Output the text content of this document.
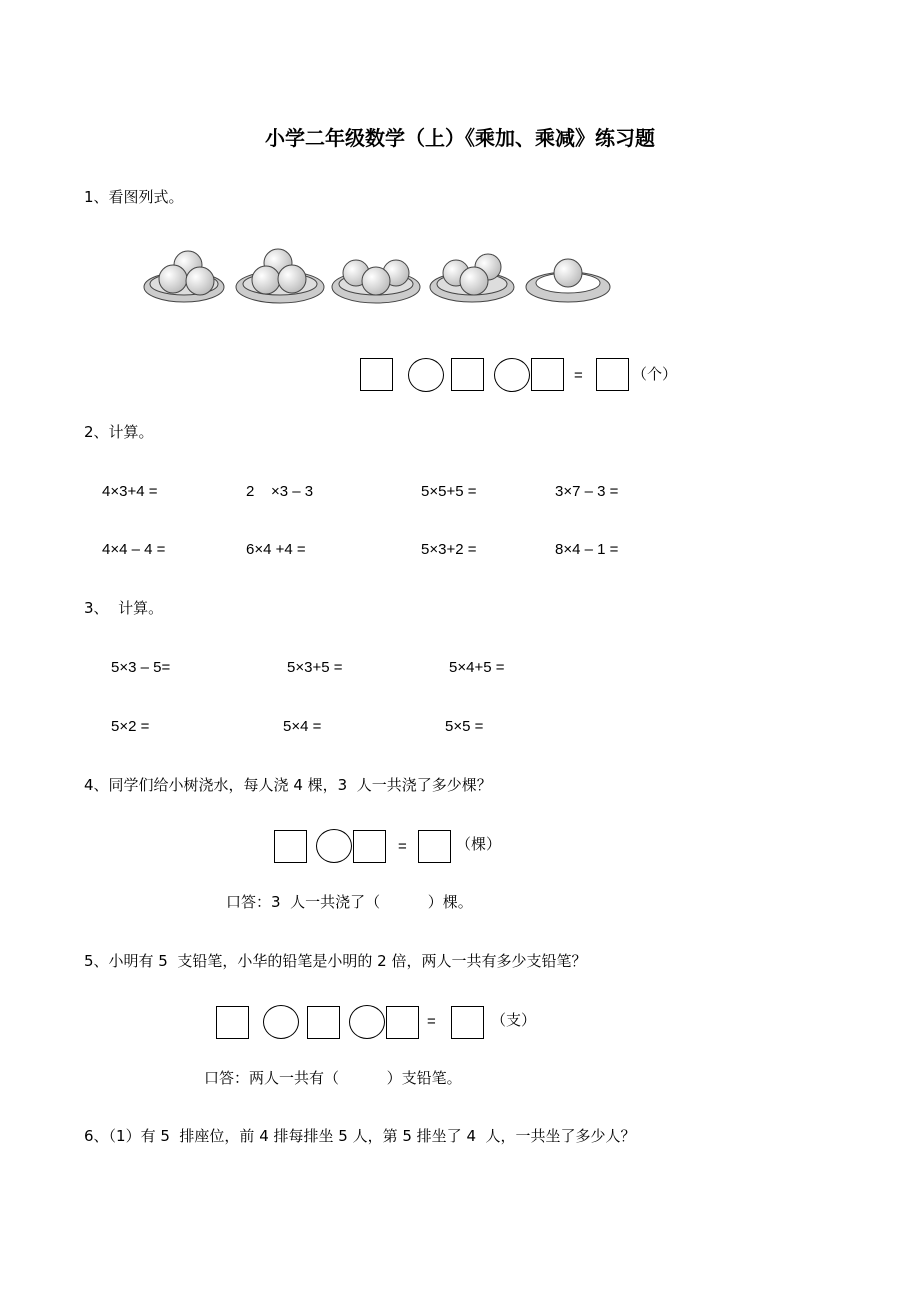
小学二年级数学（上）《乘加、乘减》练习题
1、看图列式。
=	（个）
2、计算。
4×3+4 =	2    ×3 – 3	5×5+5 =	3×7 – 3 =
4×4 – 4 =	6×4 +4 =	5×3+2 =	8×4 – 1 =
3、  计算。
5×3 – 5=	5×3+5 =	5×4+5 =
5×2 =	5×4 =	5×5 =
4、同学们给小树浇水，每人浇 4 棵，3  人一共浇了多少棵？
=	（棵）
口答：3  人一共浇了（          ）棵。
5、小明有 5  支铅笔，小华的铅笔是小明的 2 倍，两人一共有多少支铅笔？
=	（支）
口答：两人一共有（          ）支铅笔。
6、（1）有 5  排座位，前 4 排每排坐 5 人，第 5 排坐了 4  人，一共坐了多少人？
